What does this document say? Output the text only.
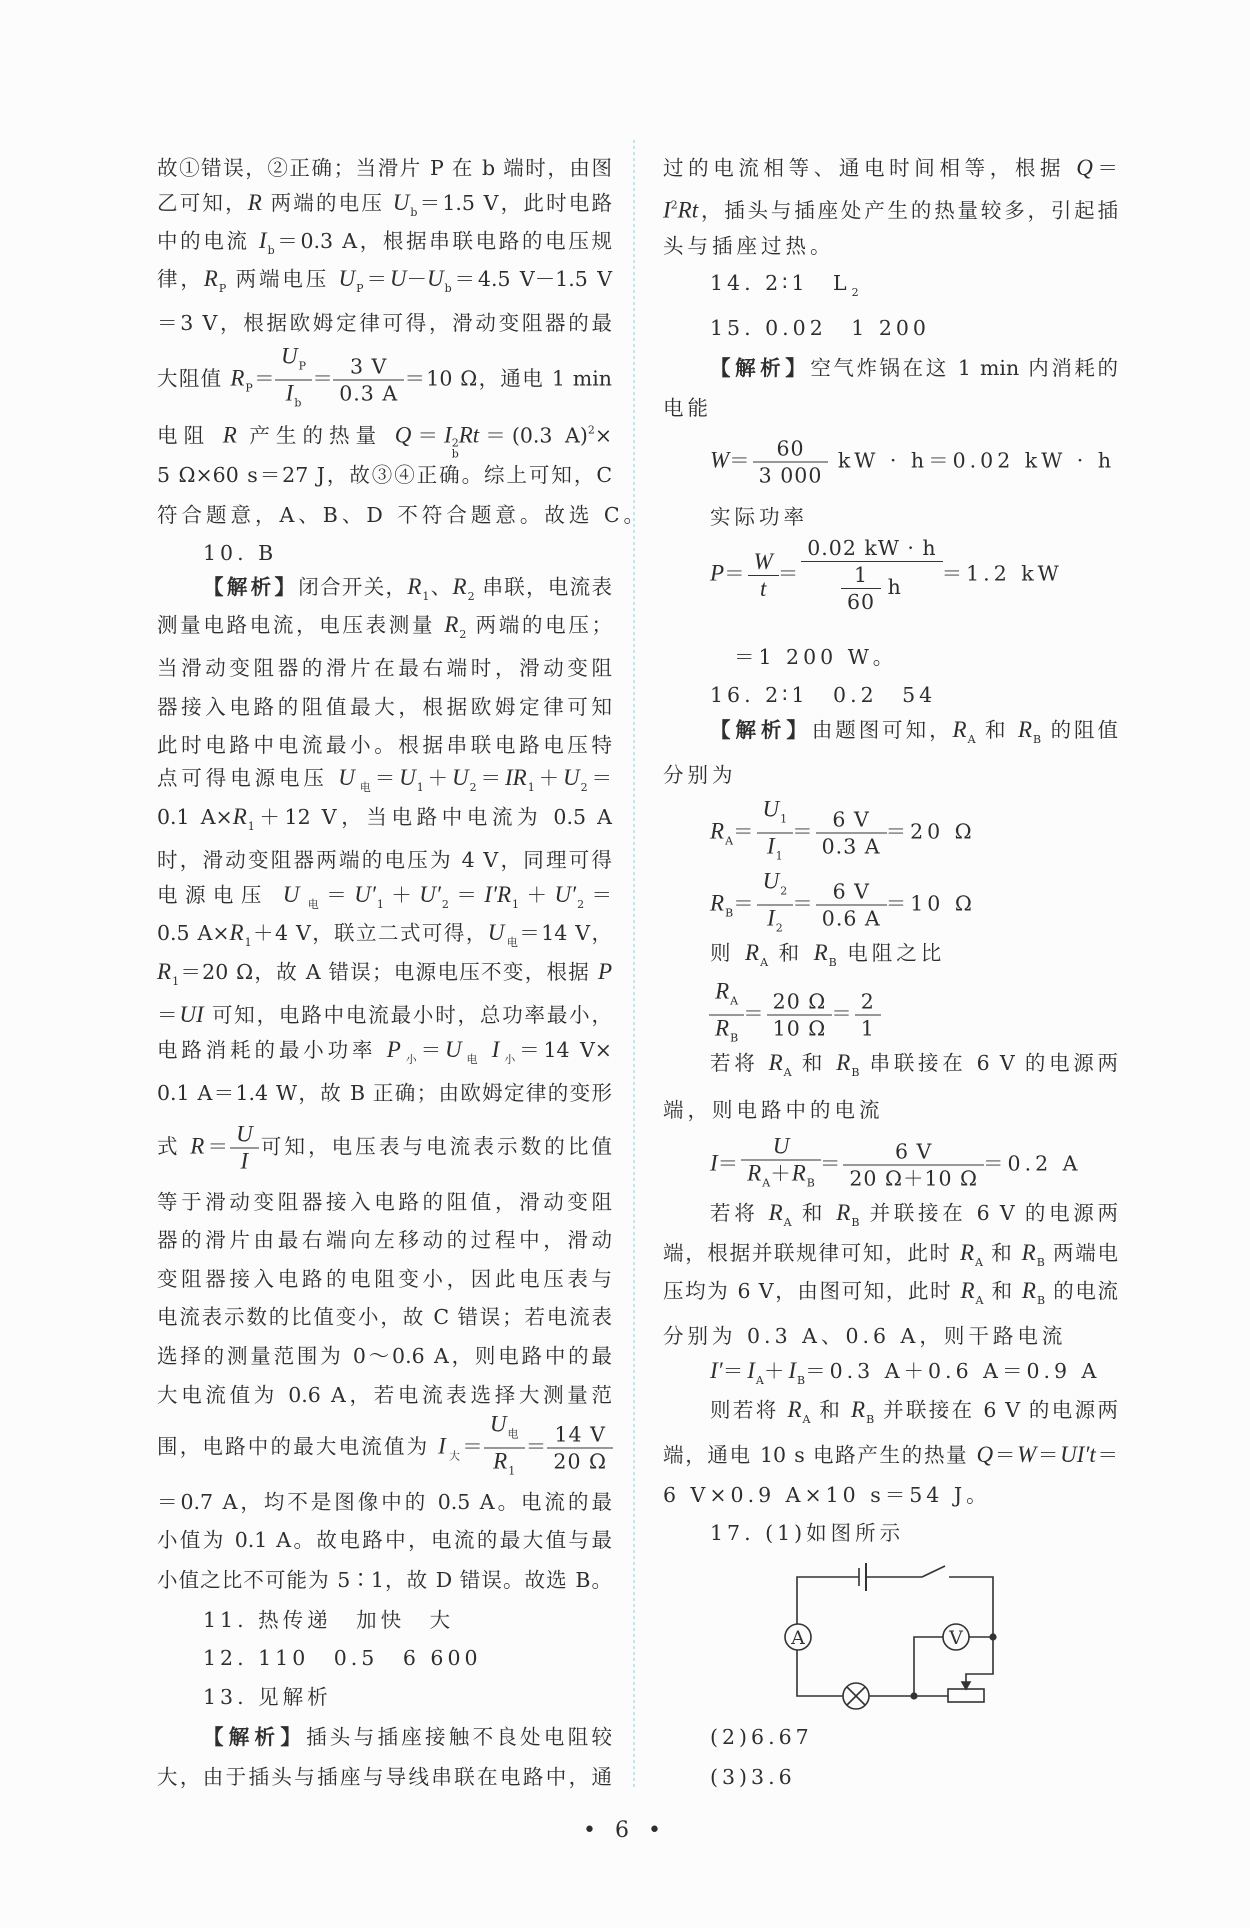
故①错误，②正确；当滑片 P 在 b 端时，由图
乙可知，R 两端的电压 $U_b=1.5$ V，此时电路
中的电流 $I_b=0.3$ A，根据串联电路的电压规
律，$R_P$ 两端电压 $U_P=U-U_b=4.5$ V－1.5 V
＝3 V，根据欧姆定律可得，滑动变阻器的最
大阻值 $R_P= \frac{U_P}{I_b} = \frac{3 V}{0.3 A} =10$ Ω，通电 1 min
电阻 R 产生的热量 Q＝I 2
b
Rt＝(0.3 A)$^2$×
5 Ω×60 s＝27 J，故③④正确。综上可知，C
符合题意，A、B、D 不符合题意。故选 C。
10. B
【解析】闭合开关，$R_1$、$R_2$ 串联，电流表
测量电路电流，电压表测量 $R_2$ 两端的电压；
当滑动变阻器的滑片在最右端时，滑动变阻
器接入电路的阻值最大，根据欧姆定律可知
此时电路中电流最小。根据串联电路电压特
点可得电源电压 $U_电=U_1+U_2=IR_1+U_2=$
0.1 $A\times R_1+12$ V，当电路中电流为 0.5 A
时，滑动变阻器两端的电压为 4 V，同理可得
电源电压 $U_电=U'_1+U'_2=I'R_1+U'_2=$
0.5 $A\times R_1+4$ V，联立二式可得，$U_电=14$ V，
$R_1=20$ Ω，故 A 错误；电源电压不变，根据 P
＝UI 可知，电路中电流最小时，总功率最小，
电路消耗的最小功率 $P_小=U_电$ $I_小=14$ V×
0.1 A＝1.4 W，故 B 正确；由欧姆定律的变形
式 $R= \frac{U}{I}$ 可知，电压表与电流表示数的比值
等于滑动变阻器接入电路的阻值，滑动变阻
器的滑片由最右端向左移动的过程中，滑动
变阻器接入电路的电阻变小，因此电压表与
电流表示数的比值变小，故 C 错误；若电流表
选择的测量范围为 0～0.6 A，则电路中的最
大电流值为 0.6 A，若电流表选择大测量范
围，电路中的最大电流值为 $I_大= \frac{U_电}{R_1} = \frac{14 V}{20 \Omega}$
＝0.7 A，均不是图像中的 0.5 A。电流的最
小值为 0.1 A。故电路中，电流的最大值与最
小值之比不可能为 5∶1，故 D 错误。故选 B。
11. 热传递　加快　大
12. 110　0.5　6 600
13. 见解析
【解析】插头与插座接触不良处电阻较
大，由于插头与插座与导线串联在电路中，通
过的电流相等、通电时间相等，根据 Q＝
$I^2Rt$，插头与插座处产生的热量较多，引起插
头与插座过热。
14. 2∶1　$L_2$
15. 0.02　1 200
【解析】空气炸锅在这 1 min 内消耗的
电能
$W= \frac{60}{3 000}$ kW · h＝0.02 kW · h
实际功率
$P= \frac{W}{t} = \frac{0.02 kW \cdot h}{\frac{1}{60} h} =1.2$ kW
＝1 200 W。
16. 2∶1　0.2　54
【解析】由题图可知，$R_A$ 和 $R_B$ 的阻值
分别为
$R_A= \frac{U_1}{I_1} = \frac{6 V}{0.3 A} =20$ Ω
$R_B= \frac{U_2}{I_2} = \frac{6 V}{0.6 A} =10$ Ω
则 $R_A$ 和 $R_B$ 电阻之比
$\frac{R_A}{R_B} = \frac{20 \Omega}{10 \Omega} = \frac{2}{1}$
若将 $R_A$ 和 $R_B$ 串联接在 6 V 的电源两
端，则电路中的电流
$I= \frac{U}{R_A+R_B} = \frac{6 V}{20 \Omega+10 \Omega} =0.2$ A
若将 $R_A$ 和 $R_B$ 并联接在 6 V 的电源两
端，根据并联规律可知，此时 $R_A$ 和 $R_B$ 两端电
压均为 6 V，由图可知，此时 $R_A$ 和 $R_B$ 的电流
分别为 0.3 A、0.6 A，则干路电流
$I'=I_A+I_B=0.3$ A＋0.6 A＝0.9 A
则若将 $R_A$ 和 $R_B$ 并联接在 6 V 的电源两
端，通电 10 s 电路产生的热量 Q＝W＝UI′t＝
6 V×0.9 A×10 s＝54 J。
17. (1)如图所示
(2)6.67
(3)3.6
A	V
• 6 •
